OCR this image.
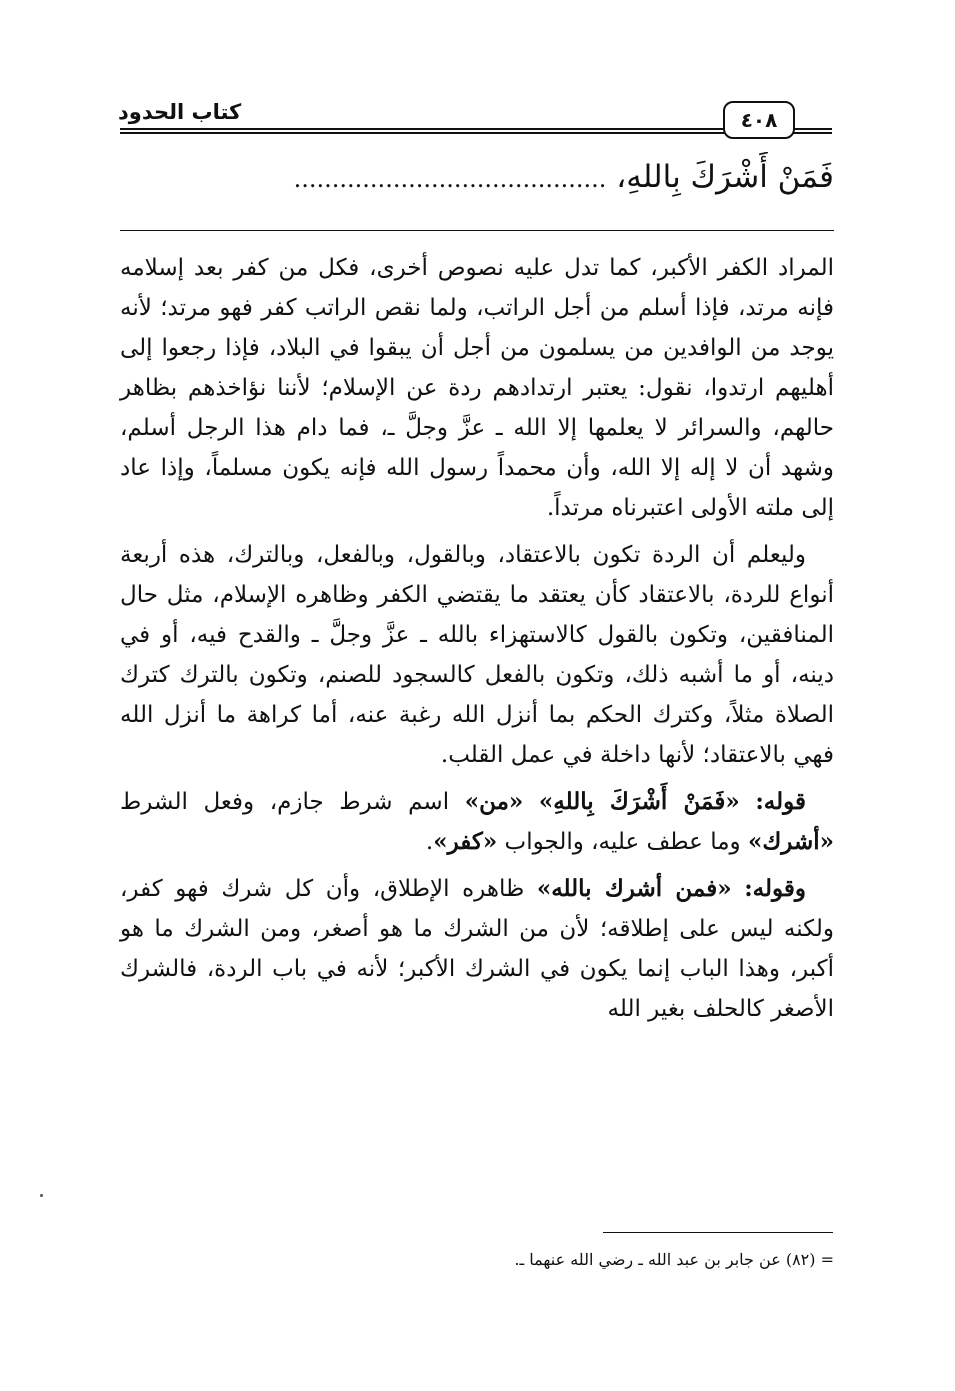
كتاب الحدود	٤٠٨
فَمَنْ أَشْرَكَ بِاللهِ، .........................................

المراد الكفر الأكبر، كما تدل عليه نصوص أخرى، فكل من كفر بعد إسلامه فإنه مرتد، فإذا أسلم من أجل الراتب، ولما نقص الراتب كفر فهو مرتد؛ لأنه يوجد من الوافدين من يسلمون من أجل أن يبقوا في البلاد، فإذا رجعوا إلى أهليهم ارتدوا، نقول: يعتبر ارتدادهم ردة عن الإسلام؛ لأننا نؤاخذهم بظاهر حالهم، والسرائر لا يعلمها إلا الله ـ عزَّ وجلَّ ـ، فما دام هذا الرجل أسلم، وشهد أن لا إله إلا الله، وأن محمداً رسول الله فإنه يكون مسلماً، وإذا عاد إلى ملته الأولى اعتبرناه مرتداً.

وليعلم أن الردة تكون بالاعتقاد، وبالقول، وبالفعل، وبالترك، هذه أربعة أنواع للردة، بالاعتقاد كأن يعتقد ما يقتضي الكفر وظاهره الإسلام، مثل حال المنافقين، وتكون بالقول كالاستهزاء بالله ـ عزَّ وجلَّ ـ والقدح فيه، أو في دينه، أو ما أشبه ذلك، وتكون بالفعل كالسجود للصنم، وتكون بالترك كترك الصلاة مثلاً، وكترك الحكم بما أنزل الله رغبة عنه، أما كراهة ما أنزل الله فهي بالاعتقاد؛ لأنها داخلة في عمل القلب.

قوله: «فَمَنْ أَشْرَكَ بِاللهِ» «من» اسم شرط جازم، وفعل الشرط «أشرك» وما عطف عليه، والجواب «كفر».

وقوله: «فمن أشرك بالله» ظاهره الإطلاق، وأن كل شرك فهو كفر، ولكنه ليس على إطلاقه؛ لأن من الشرك ما هو أصغر، ومن الشرك ما هو أكبر، وهذا الباب إنما يكون في الشرك الأكبر؛ لأنه في باب الردة، فالشرك الأصغر كالحلف بغير الله

= (٨٢) عن جابر بن عبد الله ـ رضي الله عنهما ـ.
